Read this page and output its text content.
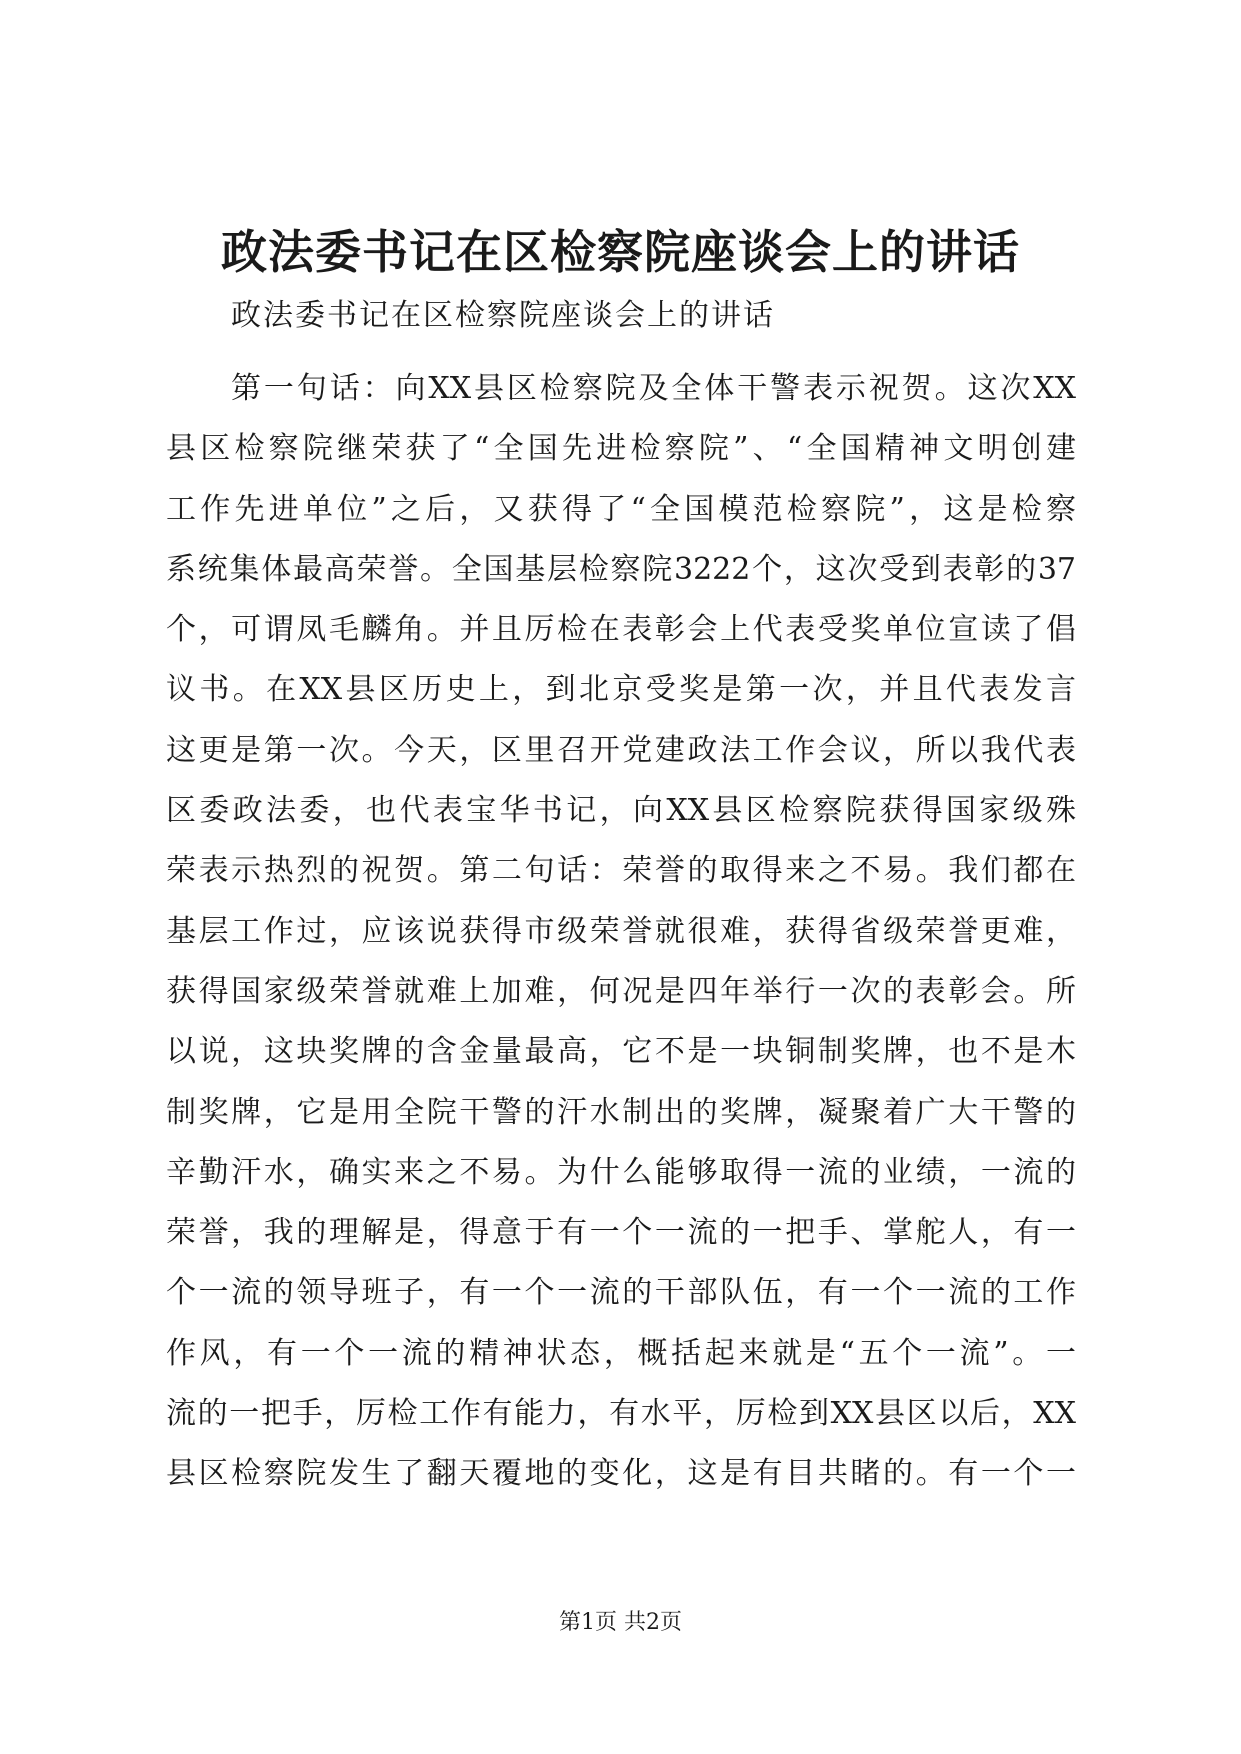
政法委书记在区检察院座谈会上的讲话
政法委书记在区检察院座谈会上的讲话
第一句话：向XX县区检察院及全体干警表示祝贺。这次XX
县区检察院继荣获了“全国先进检察院”、“全国精神文明创建
工作先进单位”之后，又获得了“全国模范检察院”，这是检察
系统集体最高荣誉。全国基层检察院3222个，这次受到表彰的37
个，可谓凤毛麟角。并且厉检在表彰会上代表受奖单位宣读了倡
议书。在XX县区历史上，到北京受奖是第一次，并且代表发言
这更是第一次。今天，区里召开党建政法工作会议，所以我代表
区委政法委，也代表宝华书记，向XX县区检察院获得国家级殊
荣表示热烈的祝贺。第二句话：荣誉的取得来之不易。我们都在
基层工作过，应该说获得市级荣誉就很难，获得省级荣誉更难，
获得国家级荣誉就难上加难，何况是四年举行一次的表彰会。所
以说，这块奖牌的含金量最高，它不是一块铜制奖牌，也不是木
制奖牌，它是用全院干警的汗水制出的奖牌，凝聚着广大干警的
辛勤汗水，确实来之不易。为什么能够取得一流的业绩，一流的
荣誉，我的理解是，得意于有一个一流的一把手、掌舵人，有一
个一流的领导班子，有一个一流的干部队伍，有一个一流的工作
作风，有一个一流的精神状态，概括起来就是“五个一流”。一
流的一把手，厉检工作有能力，有水平，厉检到XX县区以后，XX
县区检察院发生了翻天覆地的变化，这是有目共睹的。有一个一
第1页 共2页
